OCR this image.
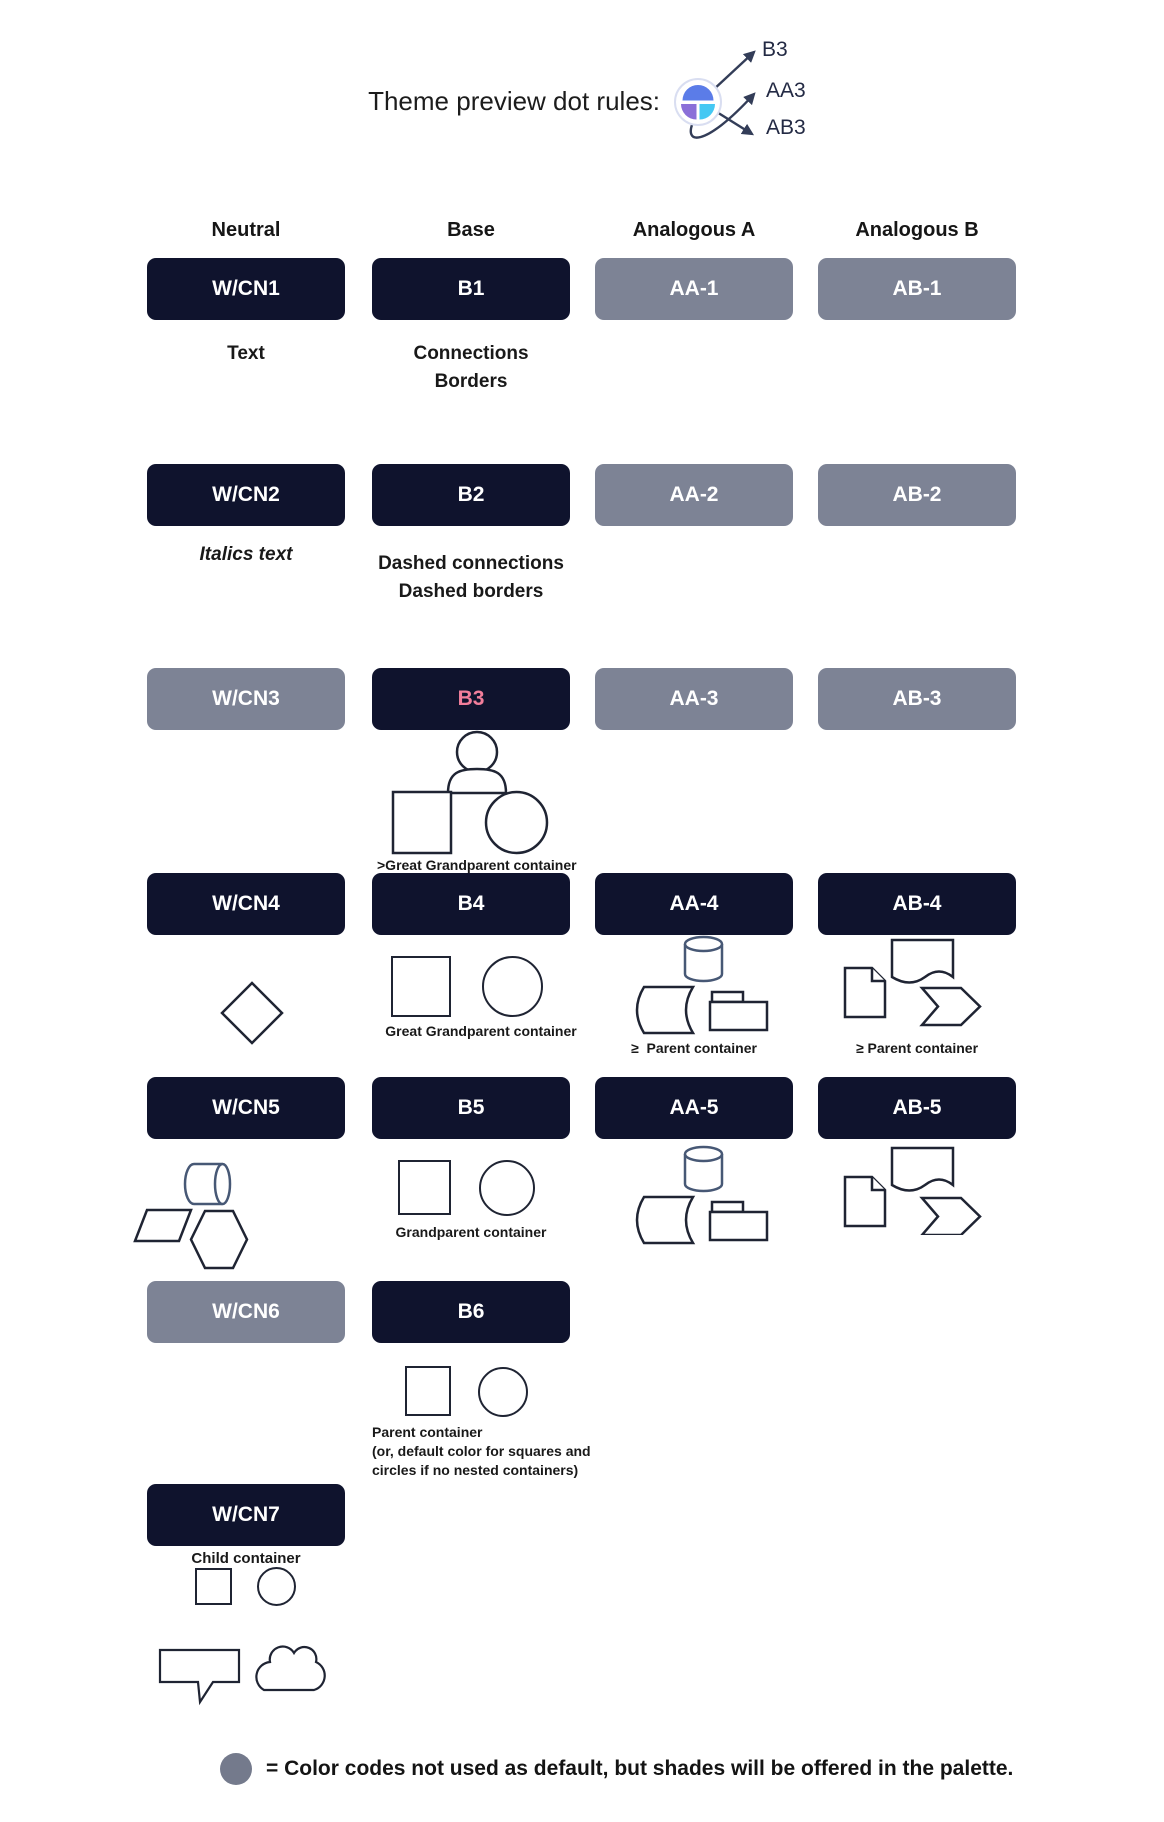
Theme preview dot rules:
B3
AA3
AB3
Neutral	Base	Analogous A	Analogous B
W/CN1	B1	AA-1	AB-1
Text	Connections
Borders
W/CN2	B2	AA-2	AB-2
Italics text	Dashed connections
Dashed borders
W/CN3	B3	AA-3	AB-3
>Great Grandparent container
W/CN4	B4	AA-4	AB-4
Great Grandparent container
≥  Parent container	≥ Parent container
W/CN5	B5	AA-5	AB-5
Grandparent container
W/CN6	B6
Parent container
(or, default color for squares and
circles if no nested containers)
W/CN7
Child container
= Color codes not used as default, but shades will be offered in the palette.
